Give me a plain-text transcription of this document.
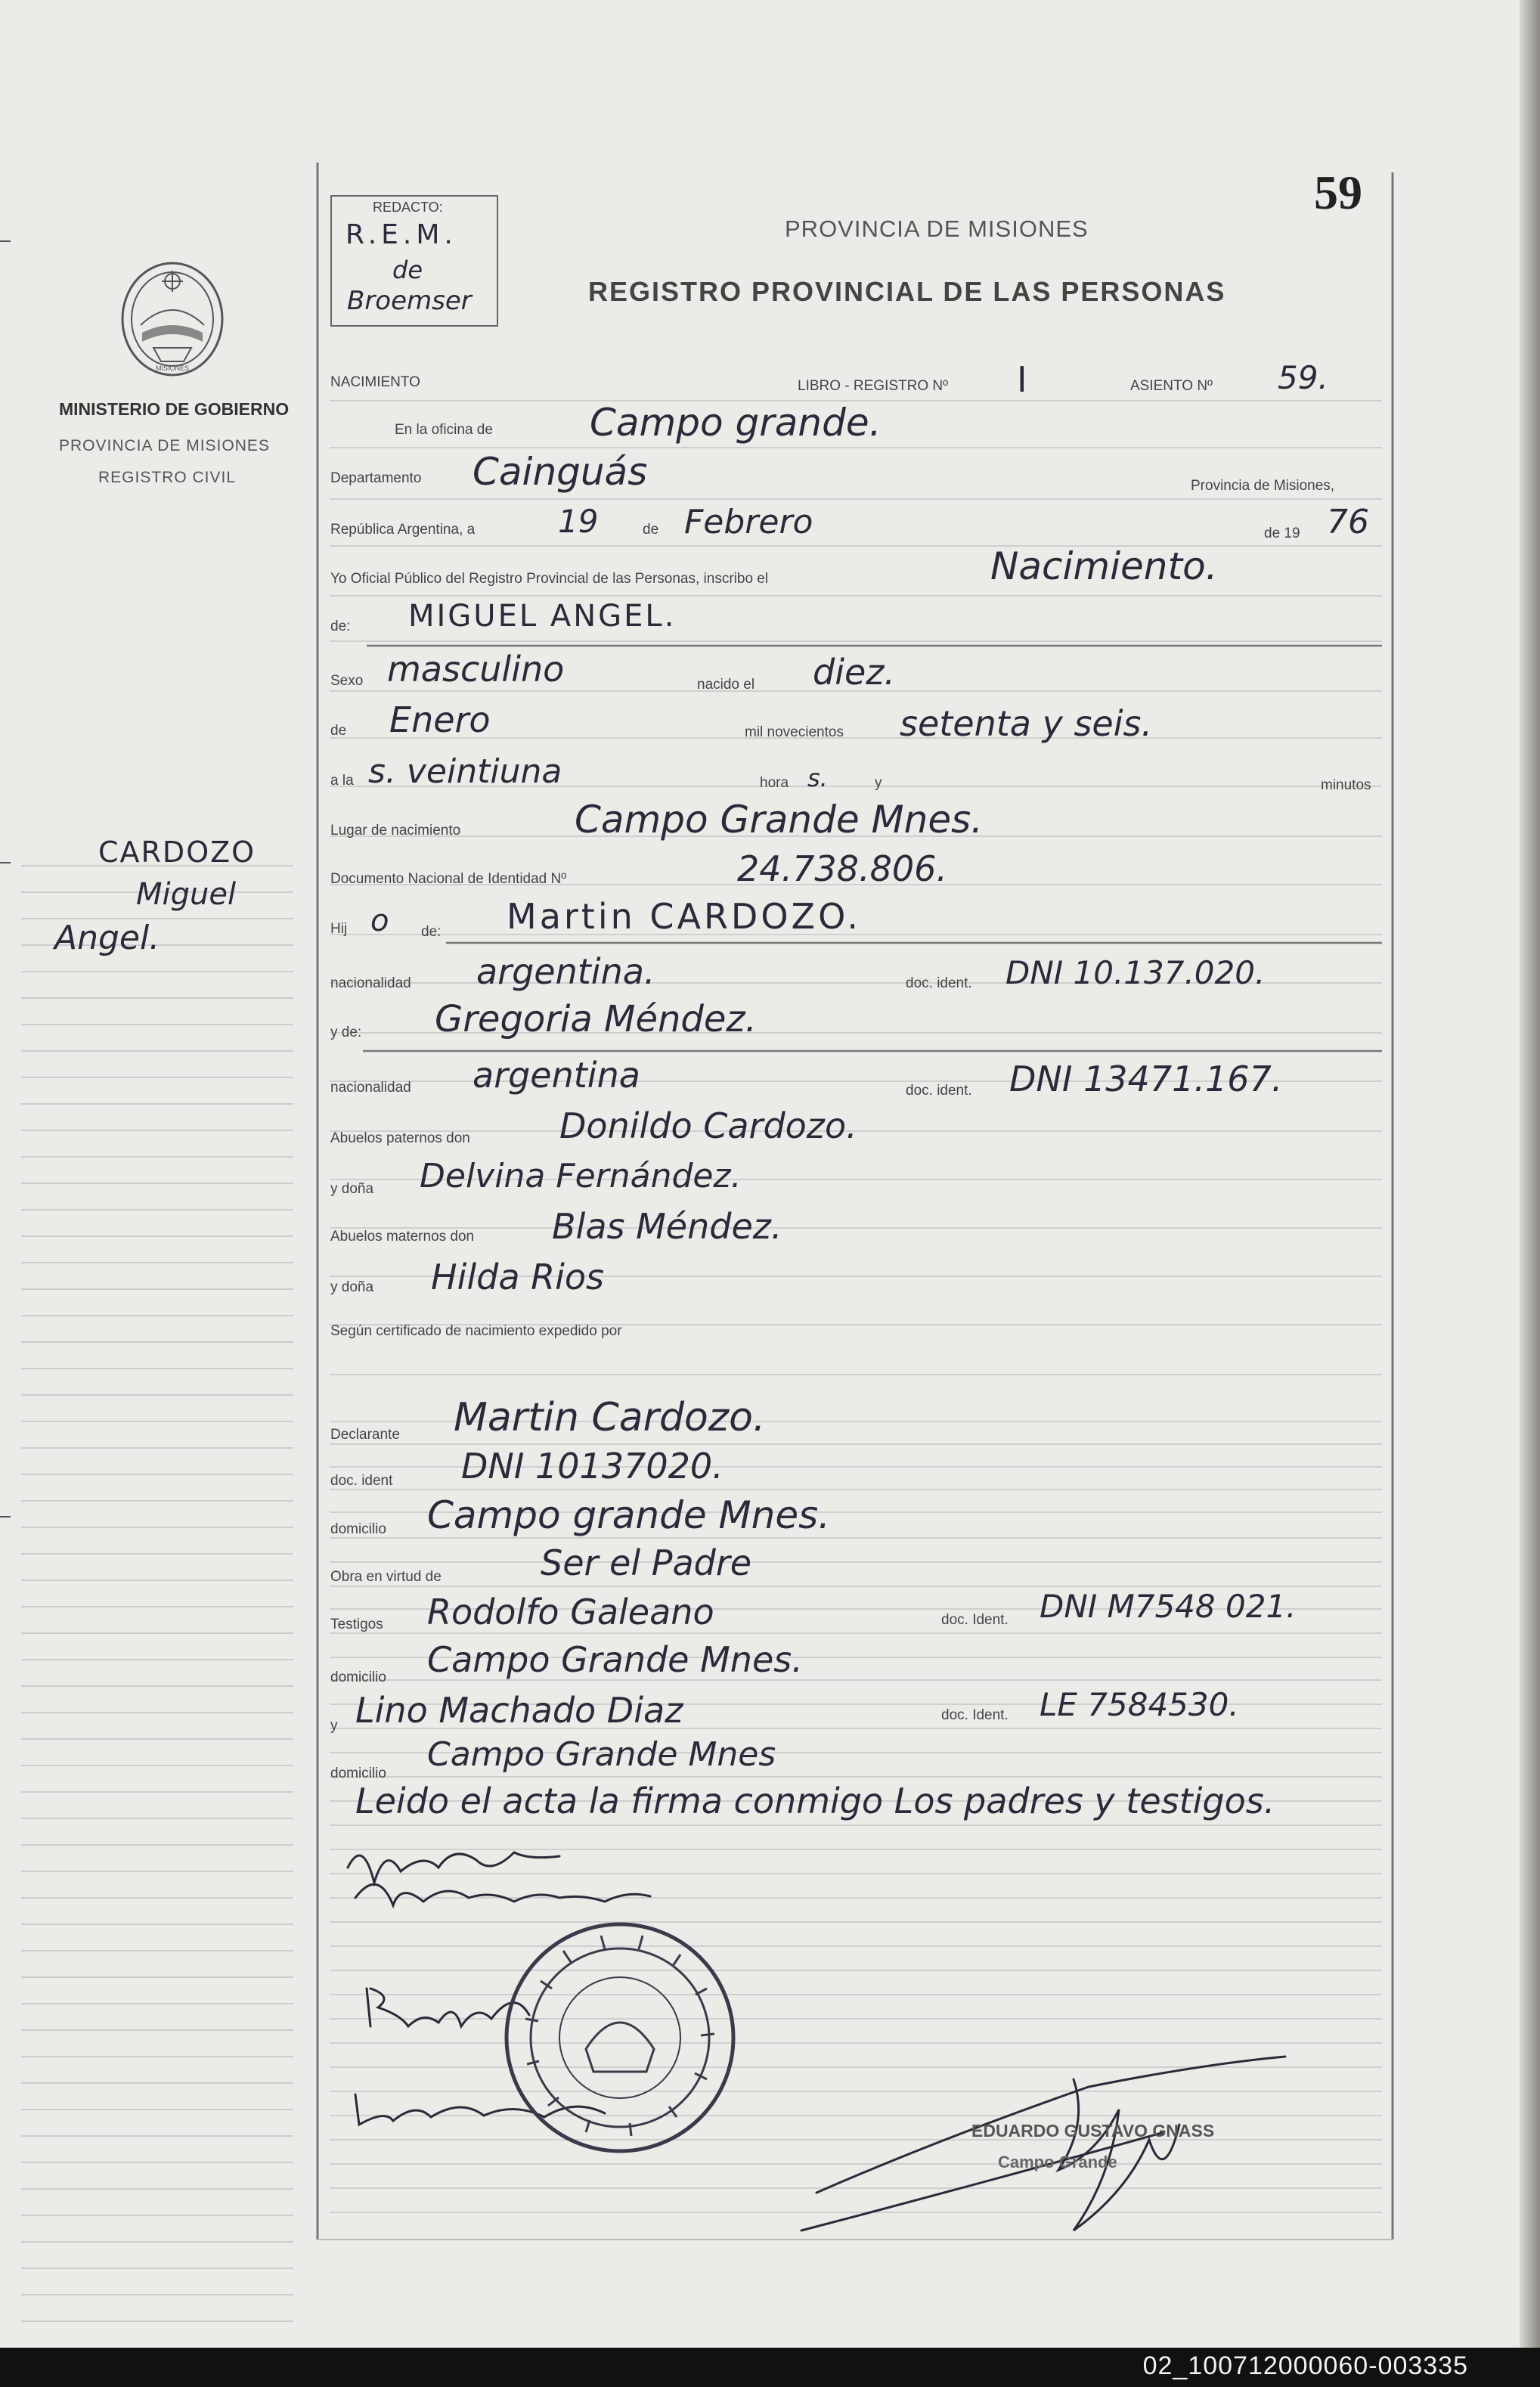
MISIONES
MINISTERIO DE GOBIERNO
PROVINCIA DE MISIONES
REGISTRO CIVIL
CARDOZO
Miguel
Angel.
REDACTO:
R.E.M.
de
Broemser
PROVINCIA DE MISIONES
REGISTRO PROVINCIAL DE LAS PERSONAS
59
NACIMIENTO	LIBRO - REGISTRO Nº I	ASIENTO Nº 59.
En la oficina de	Campo grande.
Departamento Cainguás	Provincia de Misiones,
República Argentina, a	19	de Febrero	de 19 76
Yo Oficial Público del Registro Provincial de las Personas, inscribo el	Nacimiento.
de: MIGUEL ANGEL.
Sexo masculino	nacido el diez.
de Enero	mil novecientos setenta y seis.
a la s. veintiuna	hora s.	y	minutos
Lugar de nacimiento	Campo Grande Mnes.
Documento Nacional de Identidad Nº	24.738.806.
Hij o de: Martin CARDOZO.
nacionalidad argentina.	doc. ident. DNI 10.137.020.
y de: Gregoria Méndez.
nacionalidad argentina	doc. ident. DNI 13471.167.
Abuelos paternos don	Donildo Cardozo.
y doña Delvina Fernández.
Abuelos maternos don Blas Méndez.
y doña Hilda Rios
Según certificado de nacimiento expedido por
Declarante Martin Cardozo.
doc. ident DNI 10137020.
domicilio Campo grande Mnes.
Obra en virtud de	Ser el Padre
Testigos Rodolfo Galeano	doc. Ident. DNI M7548 021.
domicilio Campo Grande Mnes.
y Lino Machado Diaz	doc. Ident. LE 7584530.
domicilio Campo Grande Mnes
Leido el acta la firma conmigo Los padres y testigos.
EDUARDO GUSTAVO GNASS
Campo Grande
02_100712000060-003335
